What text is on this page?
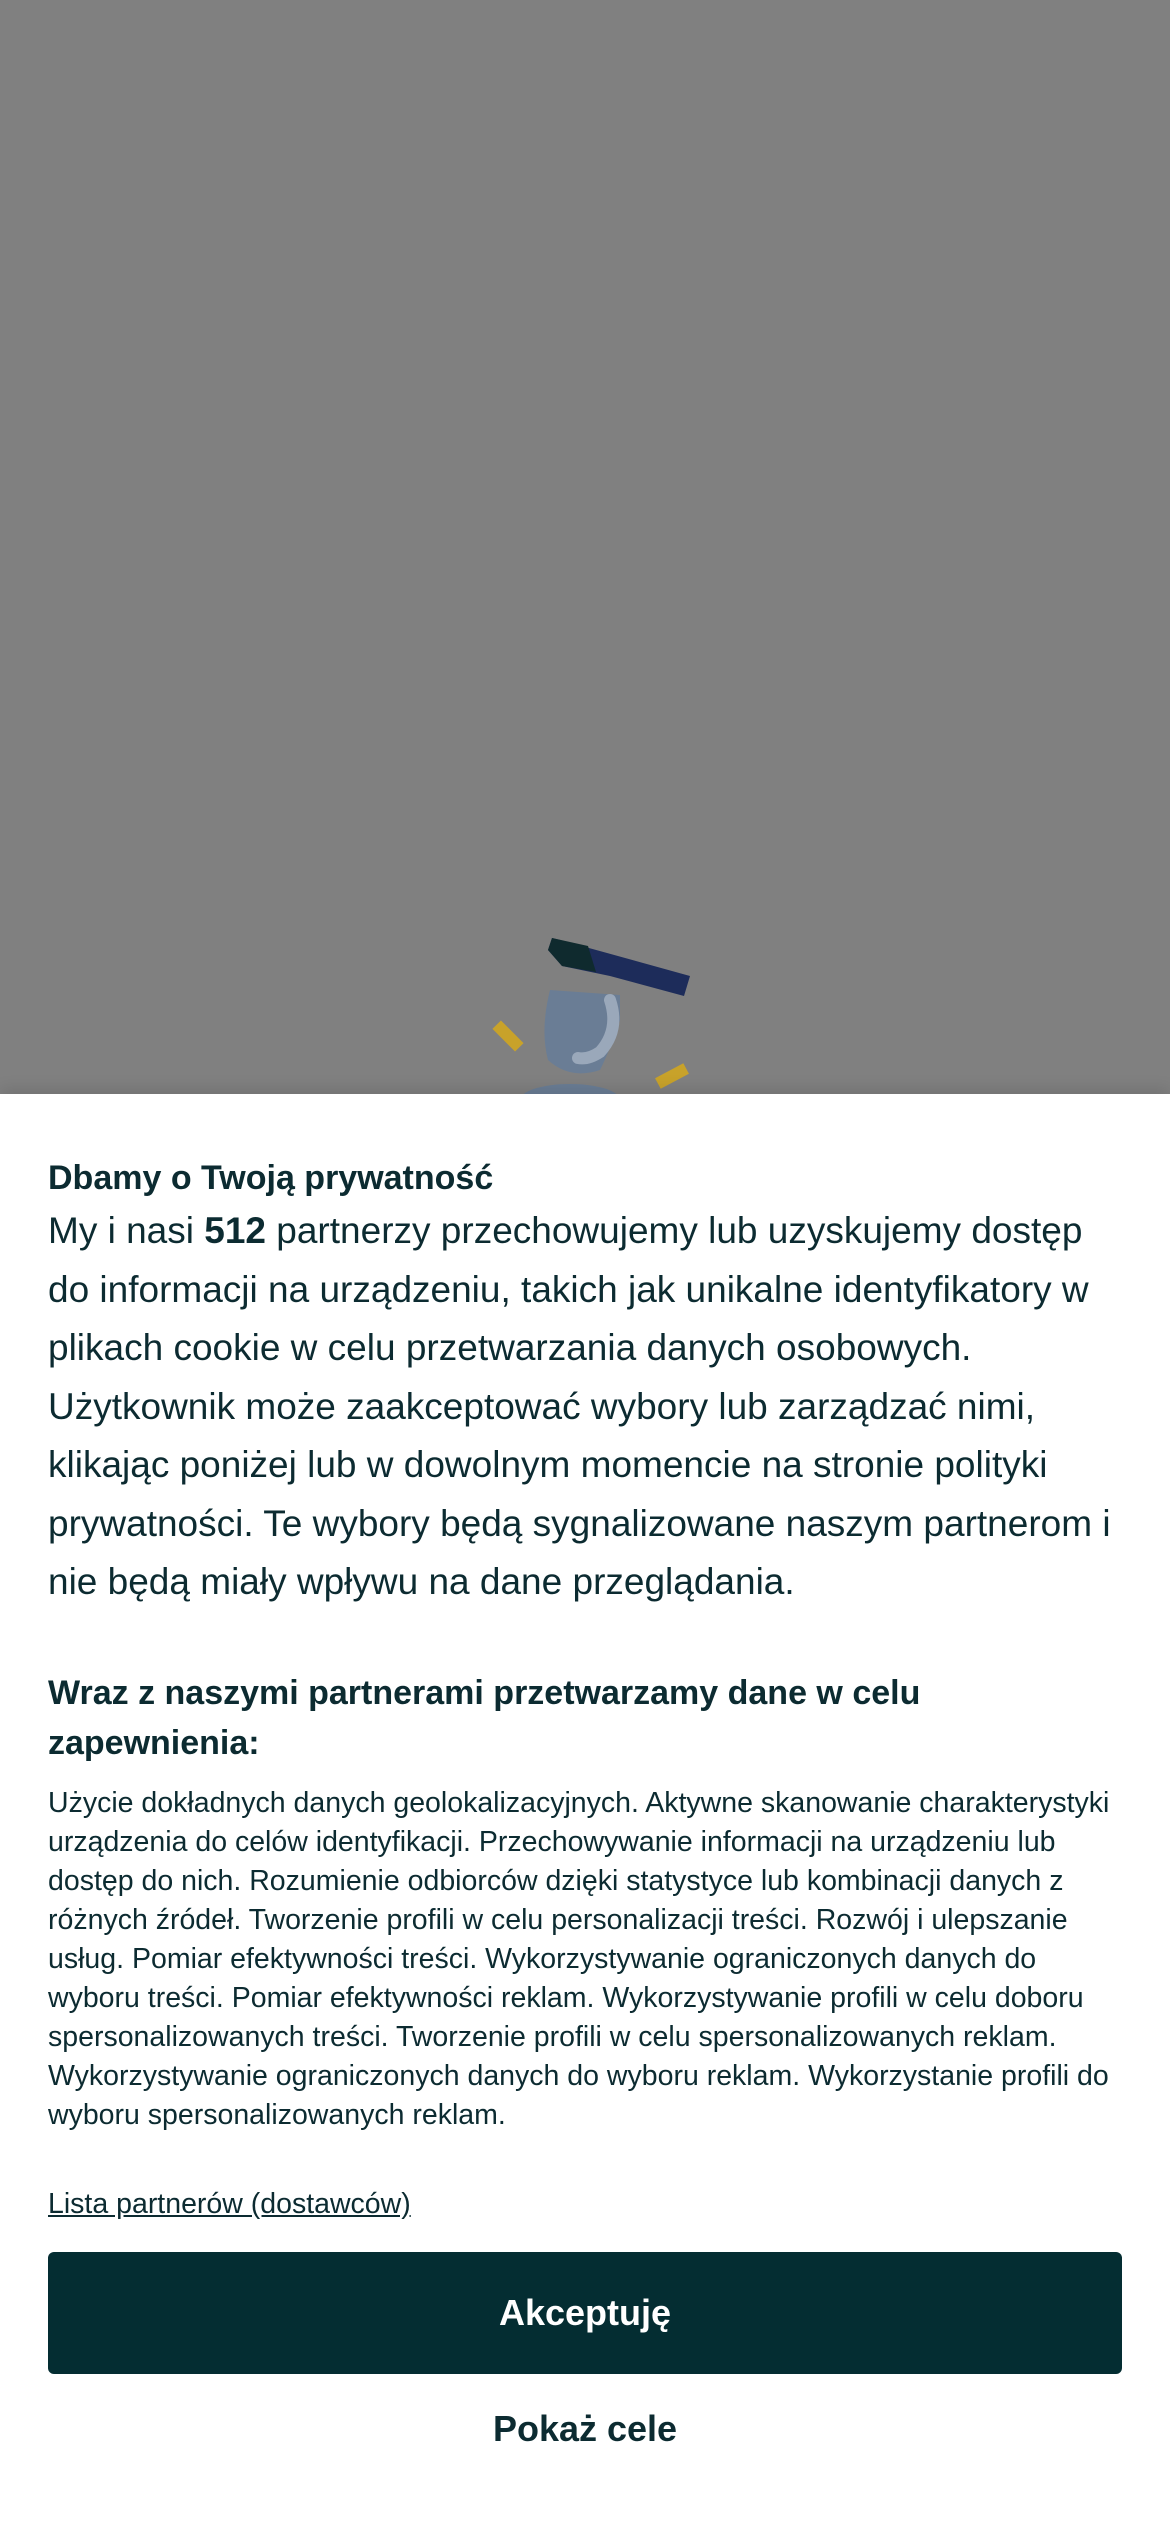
Dbamy o Twoją prywatność
My i nasi 512 partnerzy przechowujemy lub uzyskujemy dostęp do informacji na urządzeniu, takich jak unikalne identyfikatory w plikach cookie w celu przetwarzania danych osobowych. Użytkownik może zaakceptować wybory lub zarządzać nimi, klikając poniżej lub w dowolnym momencie na stronie polityki prywatności. Te wybory będą sygnalizowane naszym partnerom i nie będą miały wpływu na dane przeglądania.
Wraz z naszymi partnerami przetwarzamy dane w celu zapewnienia:
Użycie dokładnych danych geolokalizacyjnych. Aktywne skanowanie charakterystyki urządzenia do celów identyfikacji. Przechowywanie informacji na urządzeniu lub dostęp do nich. Rozumienie odbiorców dzięki statystyce lub kombinacji danych z różnych źródeł. Tworzenie profili w celu personalizacji treści. Rozwój i ulepszanie usług. Pomiar efektywności treści. Wykorzystywanie ograniczonych danych do wyboru treści. Pomiar efektywności reklam. Wykorzystywanie profili w celu doboru spersonalizowanych treści. Tworzenie profili w celu spersonalizowanych reklam. Wykorzystywanie ograniczonych danych do wyboru reklam. Wykorzystanie profili do wyboru spersonalizowanych reklam.
Lista partnerów (dostawców)
Akceptuję
Pokaż cele
